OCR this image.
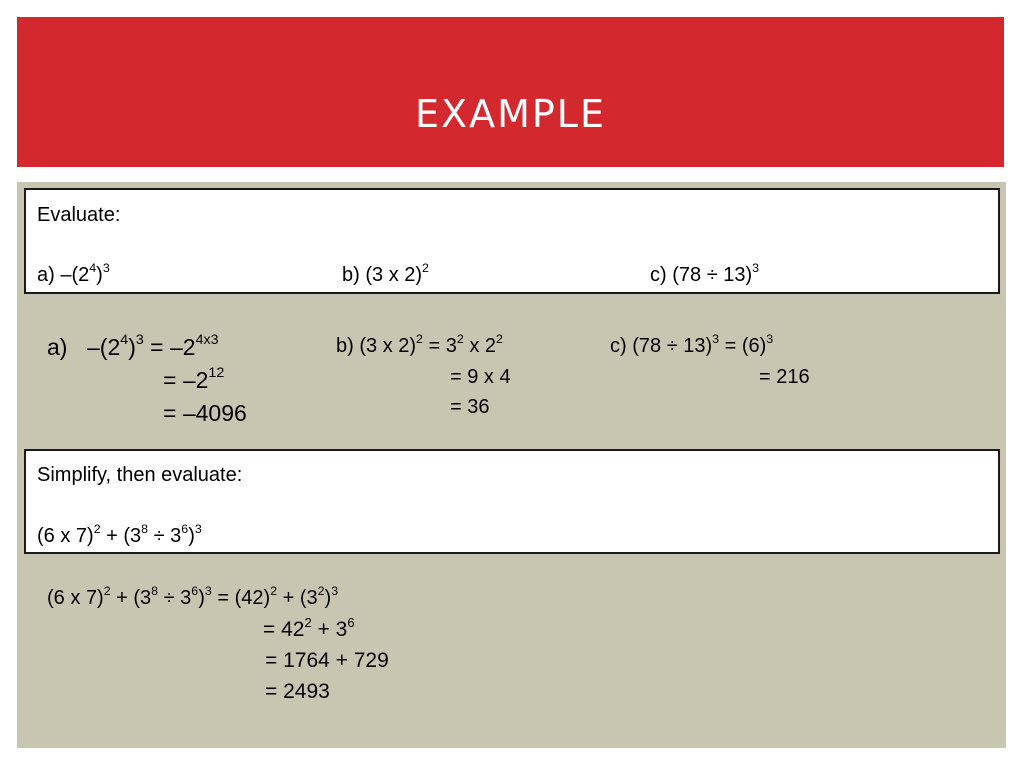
EXAMPLE
Evaluate:
a) $-(2^4)^3$	b) (3 x 2)$^2$	c) $(78 \div 13)^3$
a) $-(2^4)^3 = -2^{4x3}$
= $-2^{12}$
= –4096
b) (3 x $2)^2 = 3^2$ x $2^2$
= 9 x 4
= 36
c) $(78 \div 13)^3 = (6)^3$
= 216
Simplify, then evaluate:
(6 x $7)^2 + (3^8 \div 3^6)^3$
(6 x $7)^2 + (3^8 \div 3^6)^3 = (42)^2 + (3^2)^3$
= $42^2 + 3^6$
= 1764 + 729
= 2493
